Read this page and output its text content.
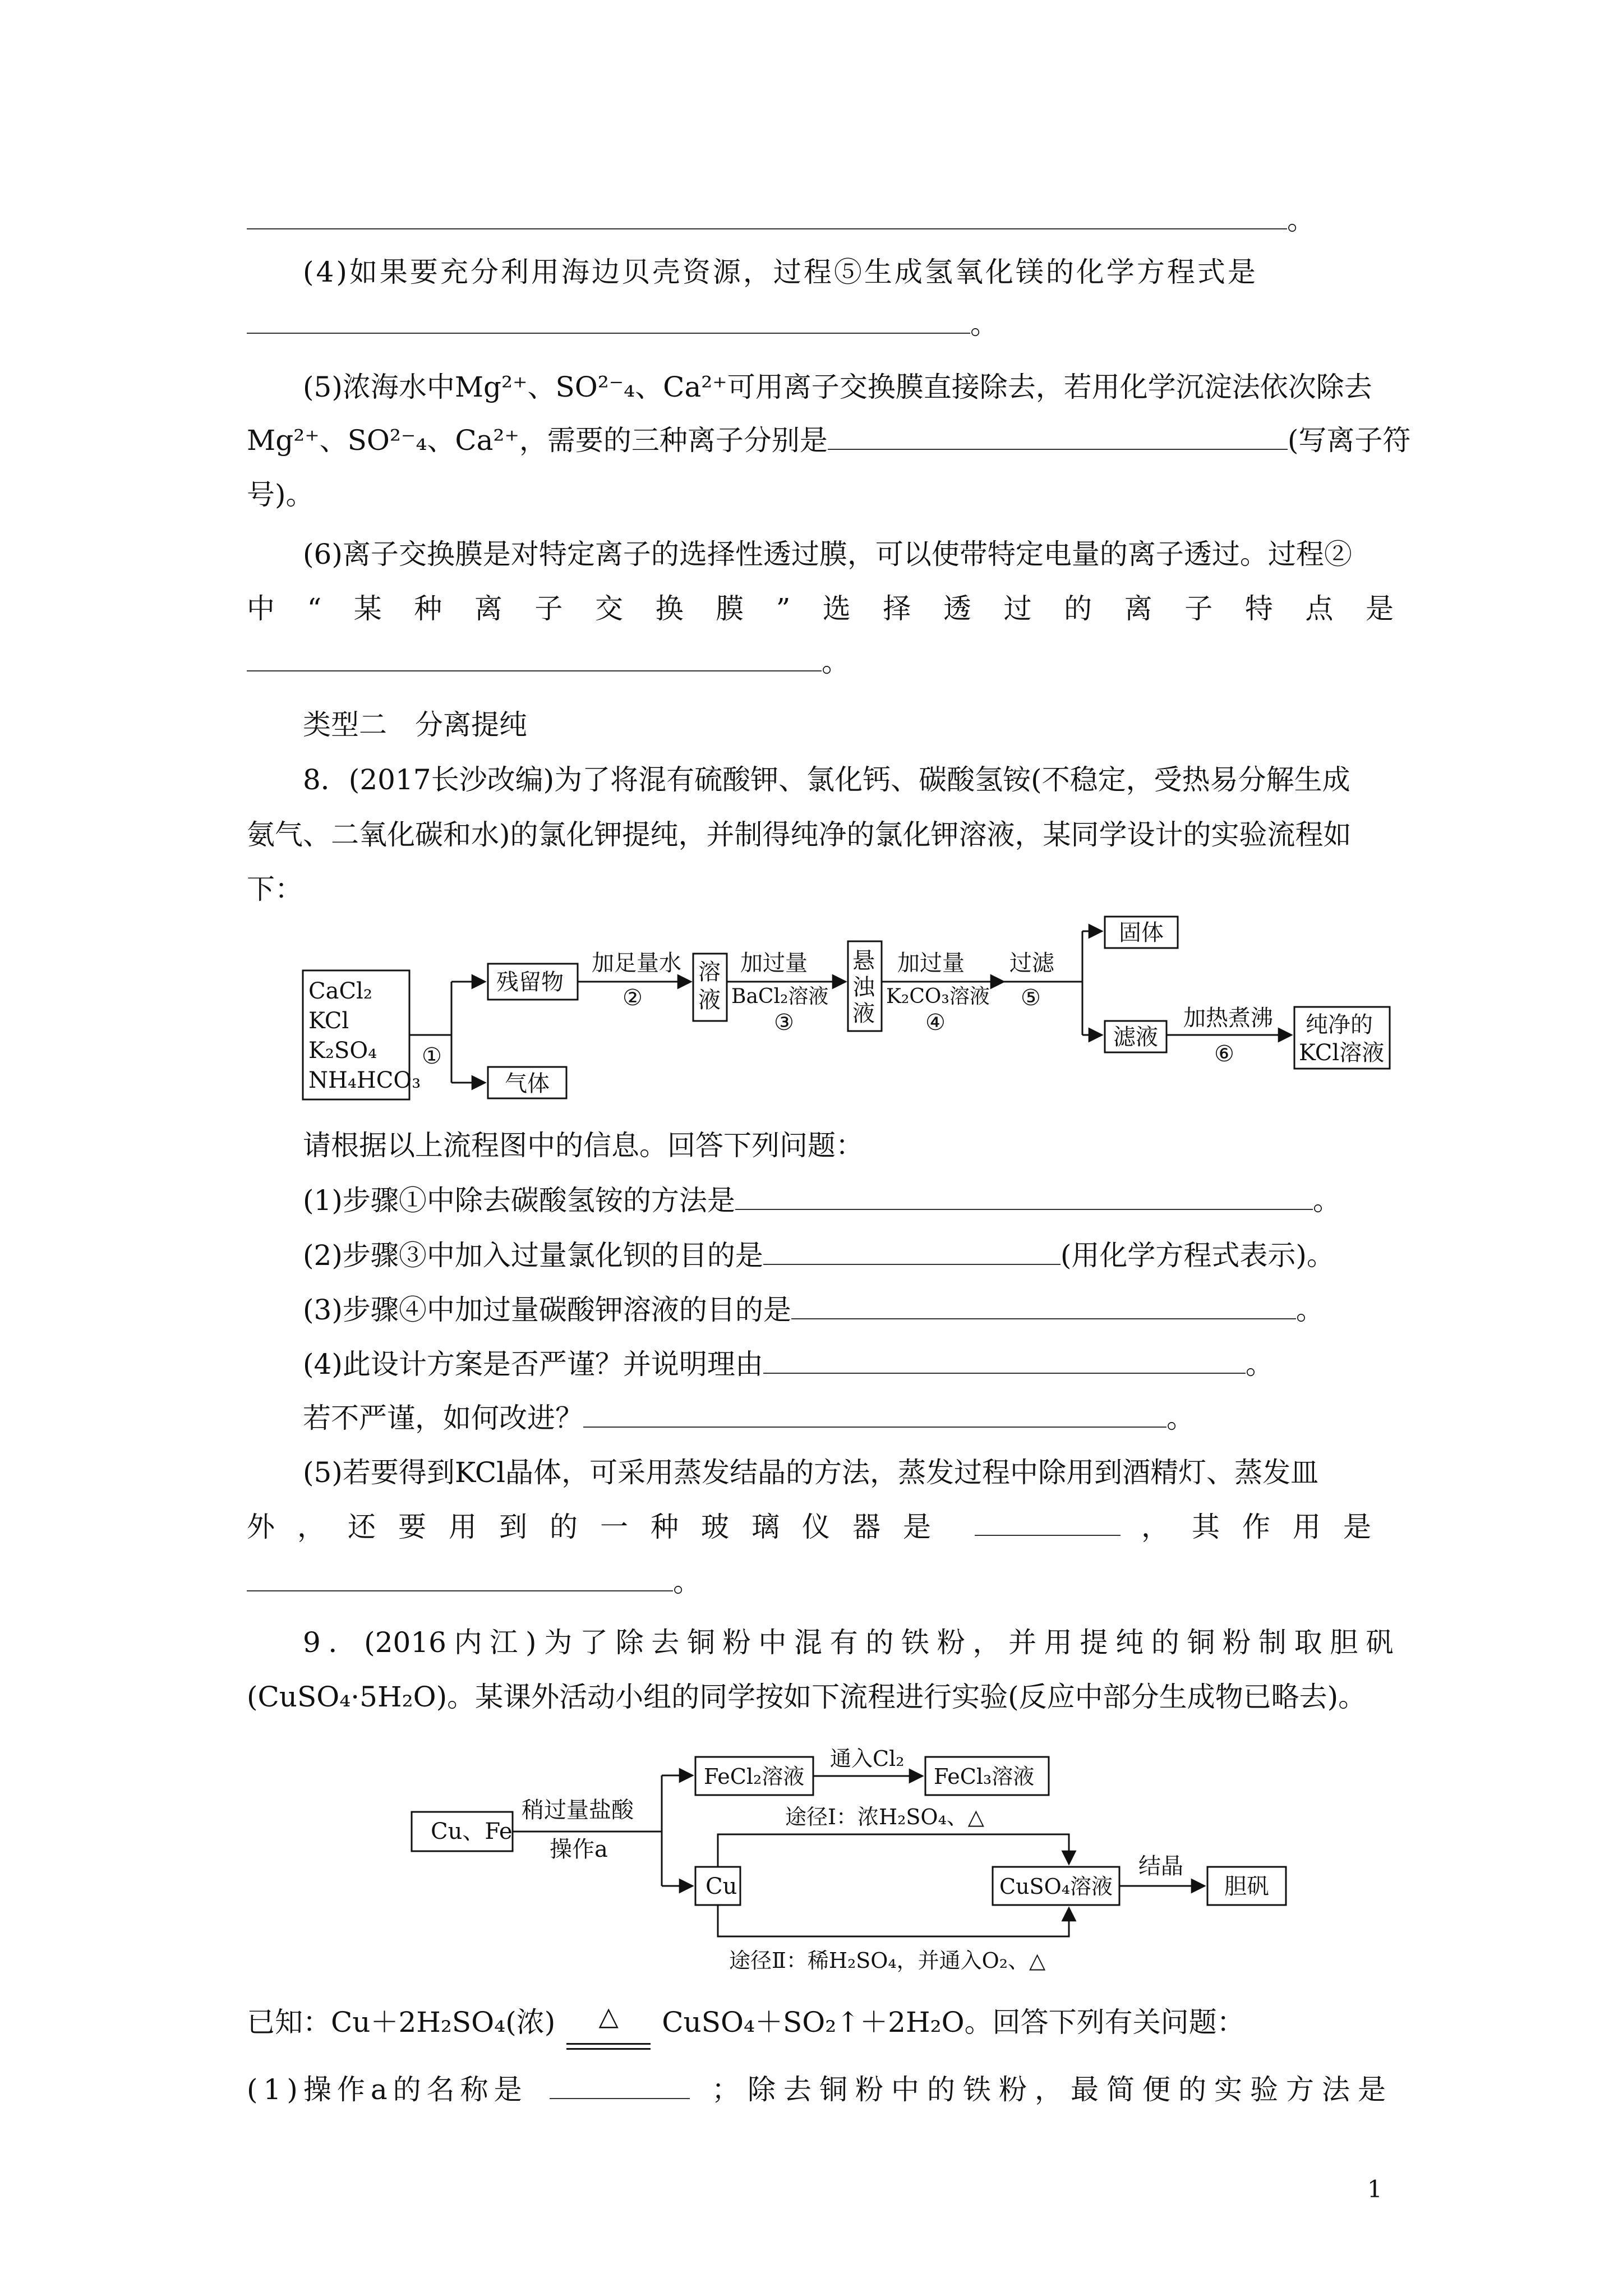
。
(4)如果要充分利用海边贝壳资源，过程⑤生成氢氧化镁的化学方程式是
。
(5)浓海水中Mg²⁺、SO²⁻₄、Ca²⁺可用离子交换膜直接除去，若用化学沉淀法依次除去
Mg²⁺、SO²⁻₄、Ca²⁺，需要的三种离子分别是	(写离子符
号)。
(6)离子交换膜是对特定离子的选择性透过膜，可以使带特定电量的离子透过。过程②
中“某种离子交换膜”选择透过的离子特点是
。
类型二　分离提纯
8．(2017长沙改编)为了将混有硫酸钾、氯化钙、碳酸氢铵(不稳定，受热易分解生成
氨气、二氧化碳和水)的氯化钾提纯，并制得纯净的氯化钾溶液，某同学设计的实验流程如
下：
CaCl₂
KCl
K₂SO₄
NH₄HCO₃
①
残留物
气体
加足量水
②
溶
液
加过量
BaCl₂溶液
③
悬
浊
液
加过量
K₂CO₃溶液
④
过滤
⑤
固体
滤液
加热煮沸
⑥
纯净的
KCl溶液
请根据以上流程图中的信息。回答下列问题：
(1)步骤①中除去碳酸氢铵的方法是	。
(2)步骤③中加入过量氯化钡的目的是	(用化学方程式表示)。
(3)步骤④中加过量碳酸钾溶液的目的是	。
(4)此设计方案是否严谨？并说明理由	。
若不严谨，如何改进？	。
(5)若要得到KCl晶体，可采用蒸发结晶的方法，蒸发过程中除用到酒精灯、蒸发皿
外，还要用到的一种玻璃仪器是	，其作用是
。
9．(2016内江)为了除去铜粉中混有的铁粉，并用提纯的铜粉制取胆矾
(CuSO₄·5H₂O)。某课外活动小组的同学按如下流程进行实验(反应中部分生成物已略去)。
Cu、Fe
稍过量盐酸
操作a
FeCl₂溶液
通入Cl₂
FeCl₃溶液
Cu
途径Ⅰ：浓H₂SO₄、△
途径Ⅱ：稀H₂SO₄，并通入O₂、△
CuSO₄溶液
结晶
胆矾
已知：Cu＋2H₂SO₄(浓)	△	CuSO₄＋SO₂↑＋2H₂O。回答下列有关问题：
(1)操作a的名称是	；除去铜粉中的铁粉，最简便的实验方法是
1
